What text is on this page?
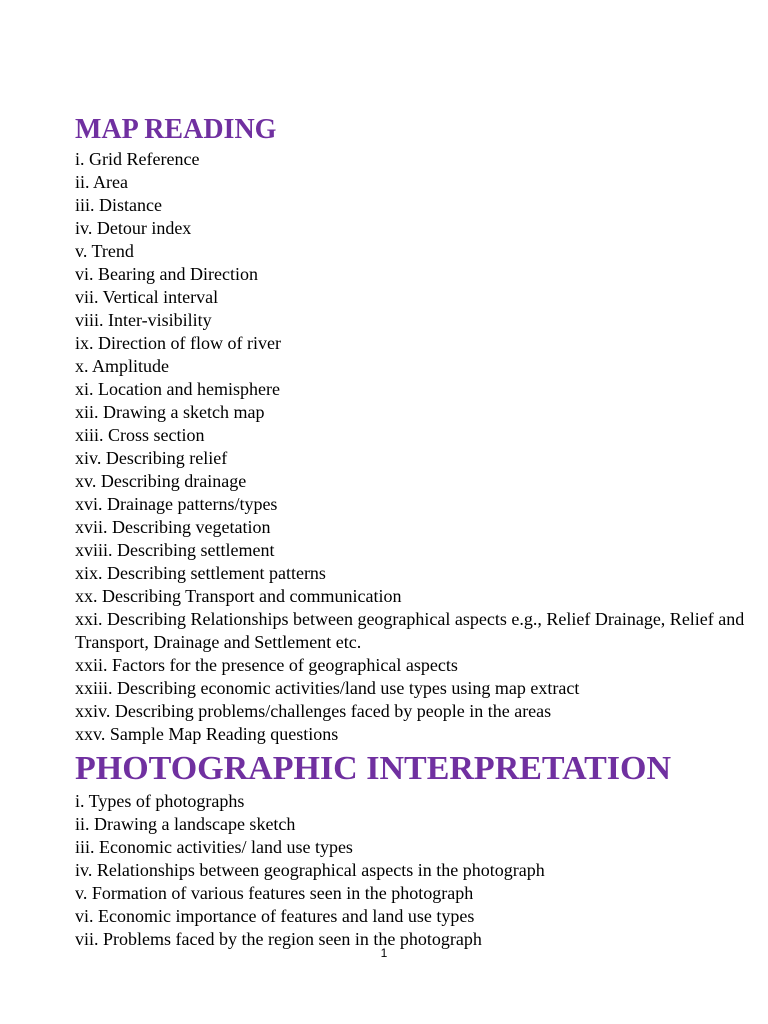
MAP READING
i. Grid Reference
ii. Area
iii. Distance
iv. Detour index
v. Trend
vi. Bearing and Direction
vii. Vertical interval
viii. Inter-visibility
ix. Direction of flow of river
x. Amplitude
xi. Location and hemisphere
xii. Drawing a sketch map
xiii. Cross section
xiv. Describing relief
xv. Describing drainage
xvi. Drainage patterns/types
xvii. Describing vegetation
xviii. Describing settlement
xix. Describing settlement patterns
xx. Describing Transport and communication
xxi. Describing Relationships between geographical aspects e.g., Relief Drainage, Relief and Transport, Drainage and Settlement etc.
xxii. Factors for the presence of geographical aspects
xxiii. Describing economic activities/land use types using map extract
xxiv. Describing problems/challenges faced by people in the areas
xxv. Sample Map Reading questions
PHOTOGRAPHIC INTERPRETATION
i. Types of photographs
ii. Drawing a landscape sketch
iii. Economic activities/ land use types
iv. Relationships between geographical aspects in the photograph
v. Formation of various features seen in the photograph
vi. Economic importance of features and land use types
vii. Problems faced by the region seen in the photograph
1
